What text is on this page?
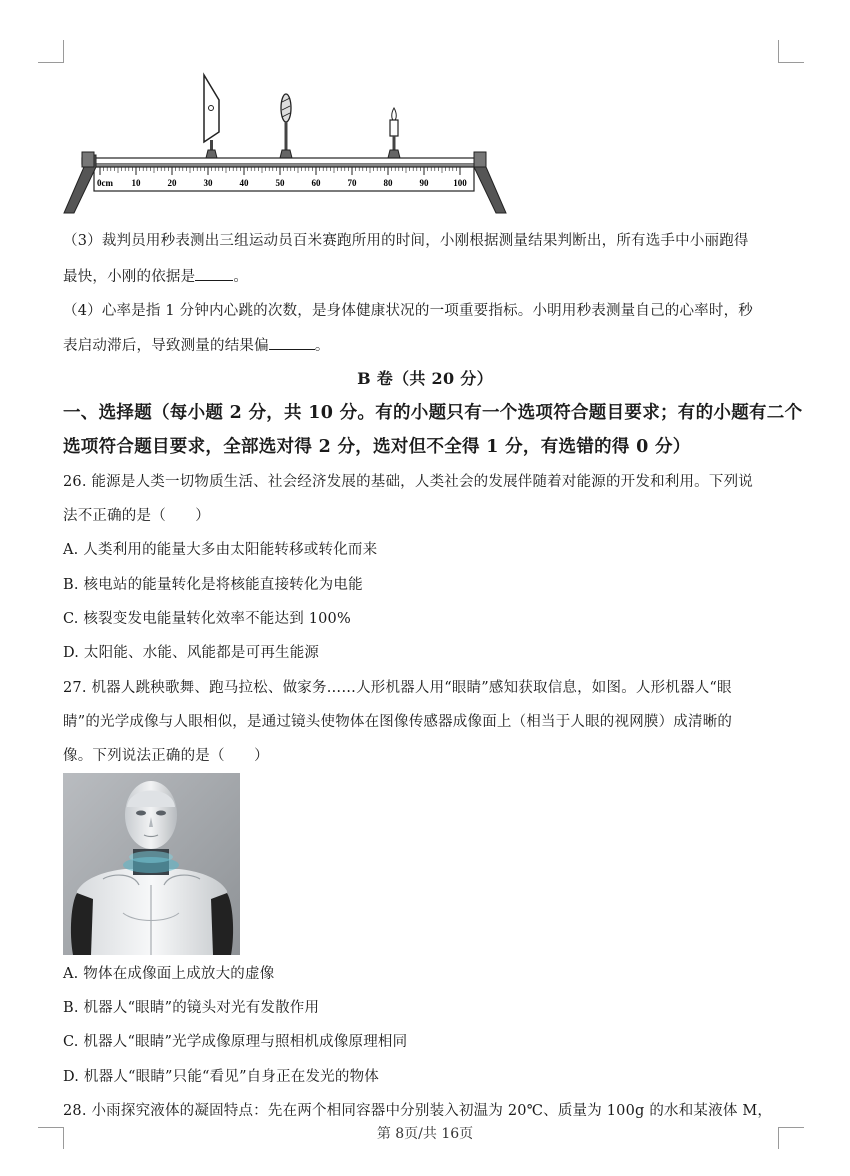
10	20	30	40	50	60	70	80	90	100
0cm
（3）裁判员用秒表测出三组运动员百米赛跑所用的时间，小刚根据测量结果判断出，所有选手中小丽跑得
最快，小刚的依据是	。
（4）心率是指 1 分钟内心跳的次数，是身体健康状况的一项重要指标。小明用秒表测量自己的心率时，秒
表启动滞后，导致测量的结果偏	。
B 卷（共 20 分）
一、选择题（每小题 2 分，共 10 分。有的小题只有一个选项符合题目要求；有的小题有二个
选项符合题目要求，全部选对得 2 分，选对但不全得 1 分，有选错的得 0 分）
26. 能源是人类一切物质生活、社会经济发展的基础，人类社会的发展伴随着对能源的开发和利用。下列说
法不正确的是（　　）
A. 人类利用的能量大多由太阳能转移或转化而来
B. 核电站的能量转化是将核能直接转化为电能
C. 核裂变发电能量转化效率不能达到 100%
D. 太阳能、水能、风能都是可再生能源
27. 机器人跳秧歌舞、跑马拉松、做家务……人形机器人用“眼睛”感知获取信息，如图。人形机器人“眼
睛”的光学成像与人眼相似，是通过镜头使物体在图像传感器成像面上（相当于人眼的视网膜）成清晰的
像。下列说法正确的是（　　）
A. 物体在成像面上成放大的虚像
B. 机器人“眼睛”的镜头对光有发散作用
C. 机器人“眼睛”光学成像原理与照相机成像原理相同
D. 机器人“眼睛”只能“看见”自身正在发光的物体
28. 小雨探究液体的凝固特点：先在两个相同容器中分别装入初温为 20℃、质量为 100g 的水和某液体 M，
第 8页/共 16页
